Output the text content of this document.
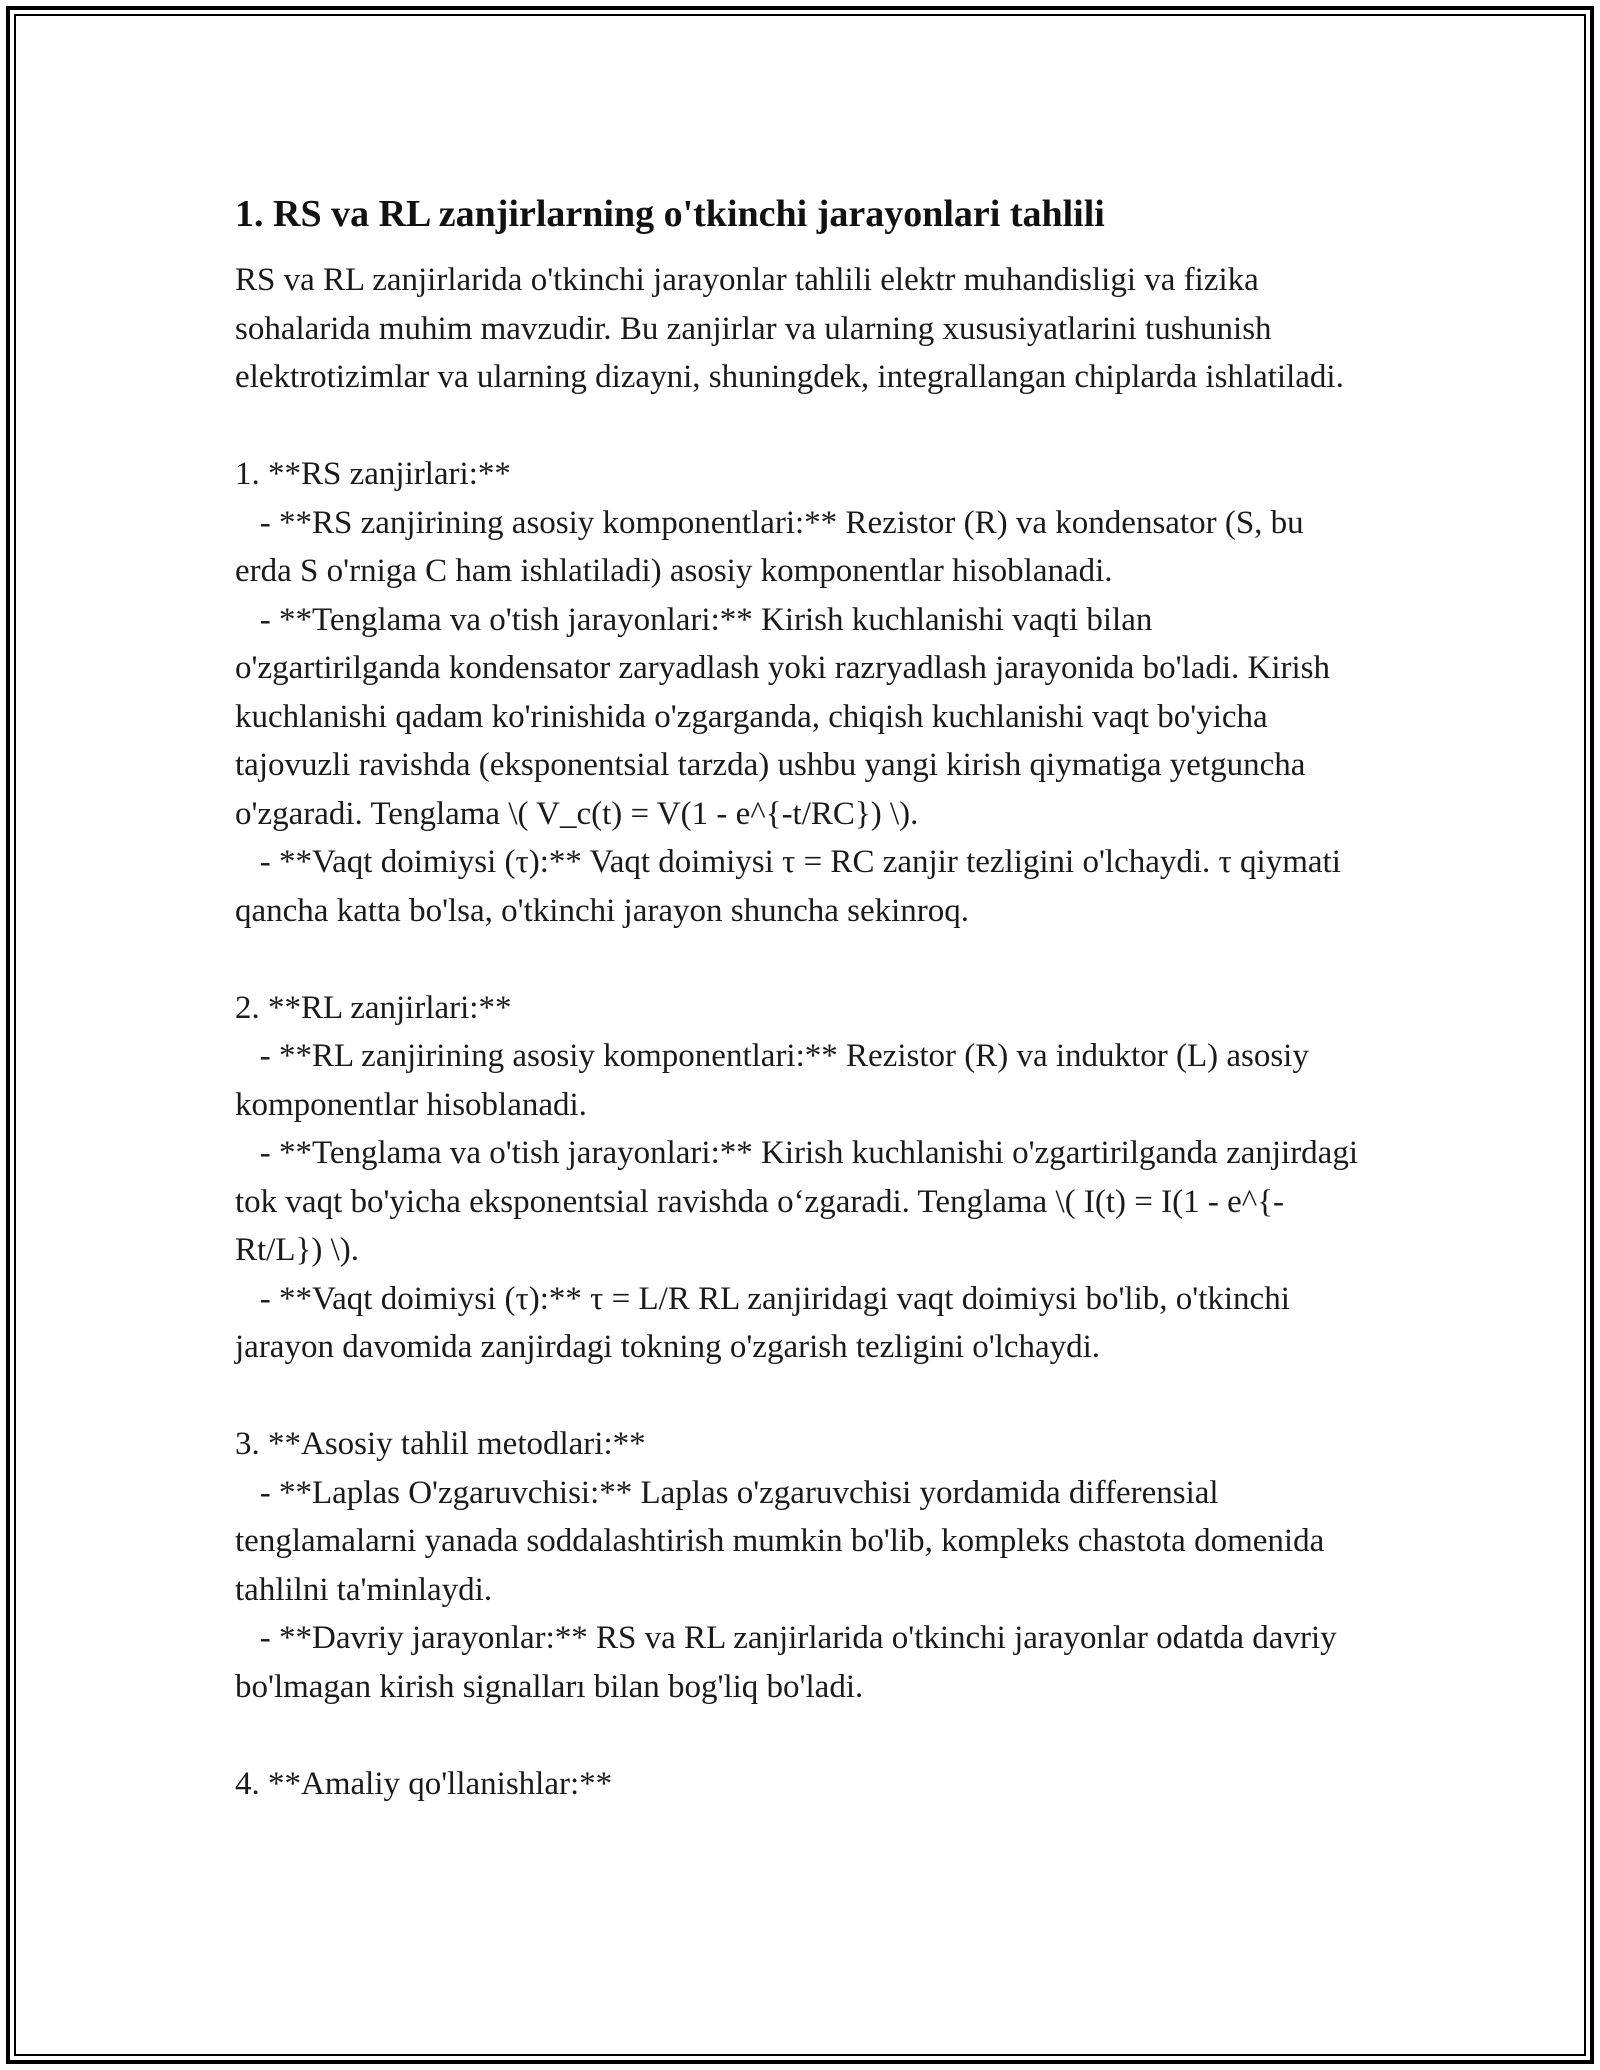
1. RS va RL zanjirlarning o'tkinchi jarayonlari tahlili

RS va RL zanjirlarida o'tkinchi jarayonlar tahlili elektr muhandisligi va fizika sohalarida muhim mavzudir. Bu zanjirlar va ularning xususiyatlarini tushunish elektrotizimlar va ularning dizayni, shuningdek, integrallangan chiplarda ishlatiladi.

1. **RS zanjirlari:**

- **RS zanjirining asosiy komponentlari:** Rezistor (R) va kondensator (S, bu erda S o'rniga C ham ishlatiladi) asosiy komponentlar hisoblanadi.

- **Tenglama va o'tish jarayonlari:** Kirish kuchlanishi vaqti bilan o'zgartirilganda kondensator zaryadlash yoki razryadlash jarayonida bo'ladi. Kirish kuchlanishi qadam ko'rinishida o'zgarganda, chiqish kuchlanishi vaqt bo'yicha tajovuzli ravishda (eksponentsial tarzda) ushbu yangi kirish qiymatiga yetguncha o'zgaradi. Tenglama \( V_c(t) = V(1 - e^{-t/RC}) \).

- **Vaqt doimiysi (τ):** Vaqt doimiysi τ = RC zanjir tezligini o'lchaydi. τ qiymati qancha katta bo'lsa, o'tkinchi jarayon shuncha sekinroq.

2. **RL zanjirlari:**

- **RL zanjirining asosiy komponentlari:** Rezistor (R) va induktor (L) asosiy komponentlar hisoblanadi.

- **Tenglama va o'tish jarayonlari:** Kirish kuchlanishi o'zgartirilganda zanjirdagi tok vaqt bo'yicha eksponentsial ravishda o‘zgaradi. Tenglama \( I(t) = I(1 - e^{-Rt/L}) \).

- **Vaqt doimiysi (τ):** τ = L/R RL zanjiridagi vaqt doimiysi bo'lib, o'tkinchi jarayon davomida zanjirdagi tokning o'zgarish tezligini o'lchaydi.

3. **Asosiy tahlil metodlari:**

- **Laplas O'zgaruvchisi:** Laplas o'zgaruvchisi yordamida differensial tenglamalarni yanada soddalashtirish mumkin bo'lib, kompleks chastota domenida tahlilni ta'minlaydi.

- **Davriy jarayonlar:** RS va RL zanjirlarida o'tkinchi jarayonlar odatda davriy bo'lmagan kirish signalları bilan bog'liq bo'ladi.

4. **Amaliy qo'llanishlar:**
